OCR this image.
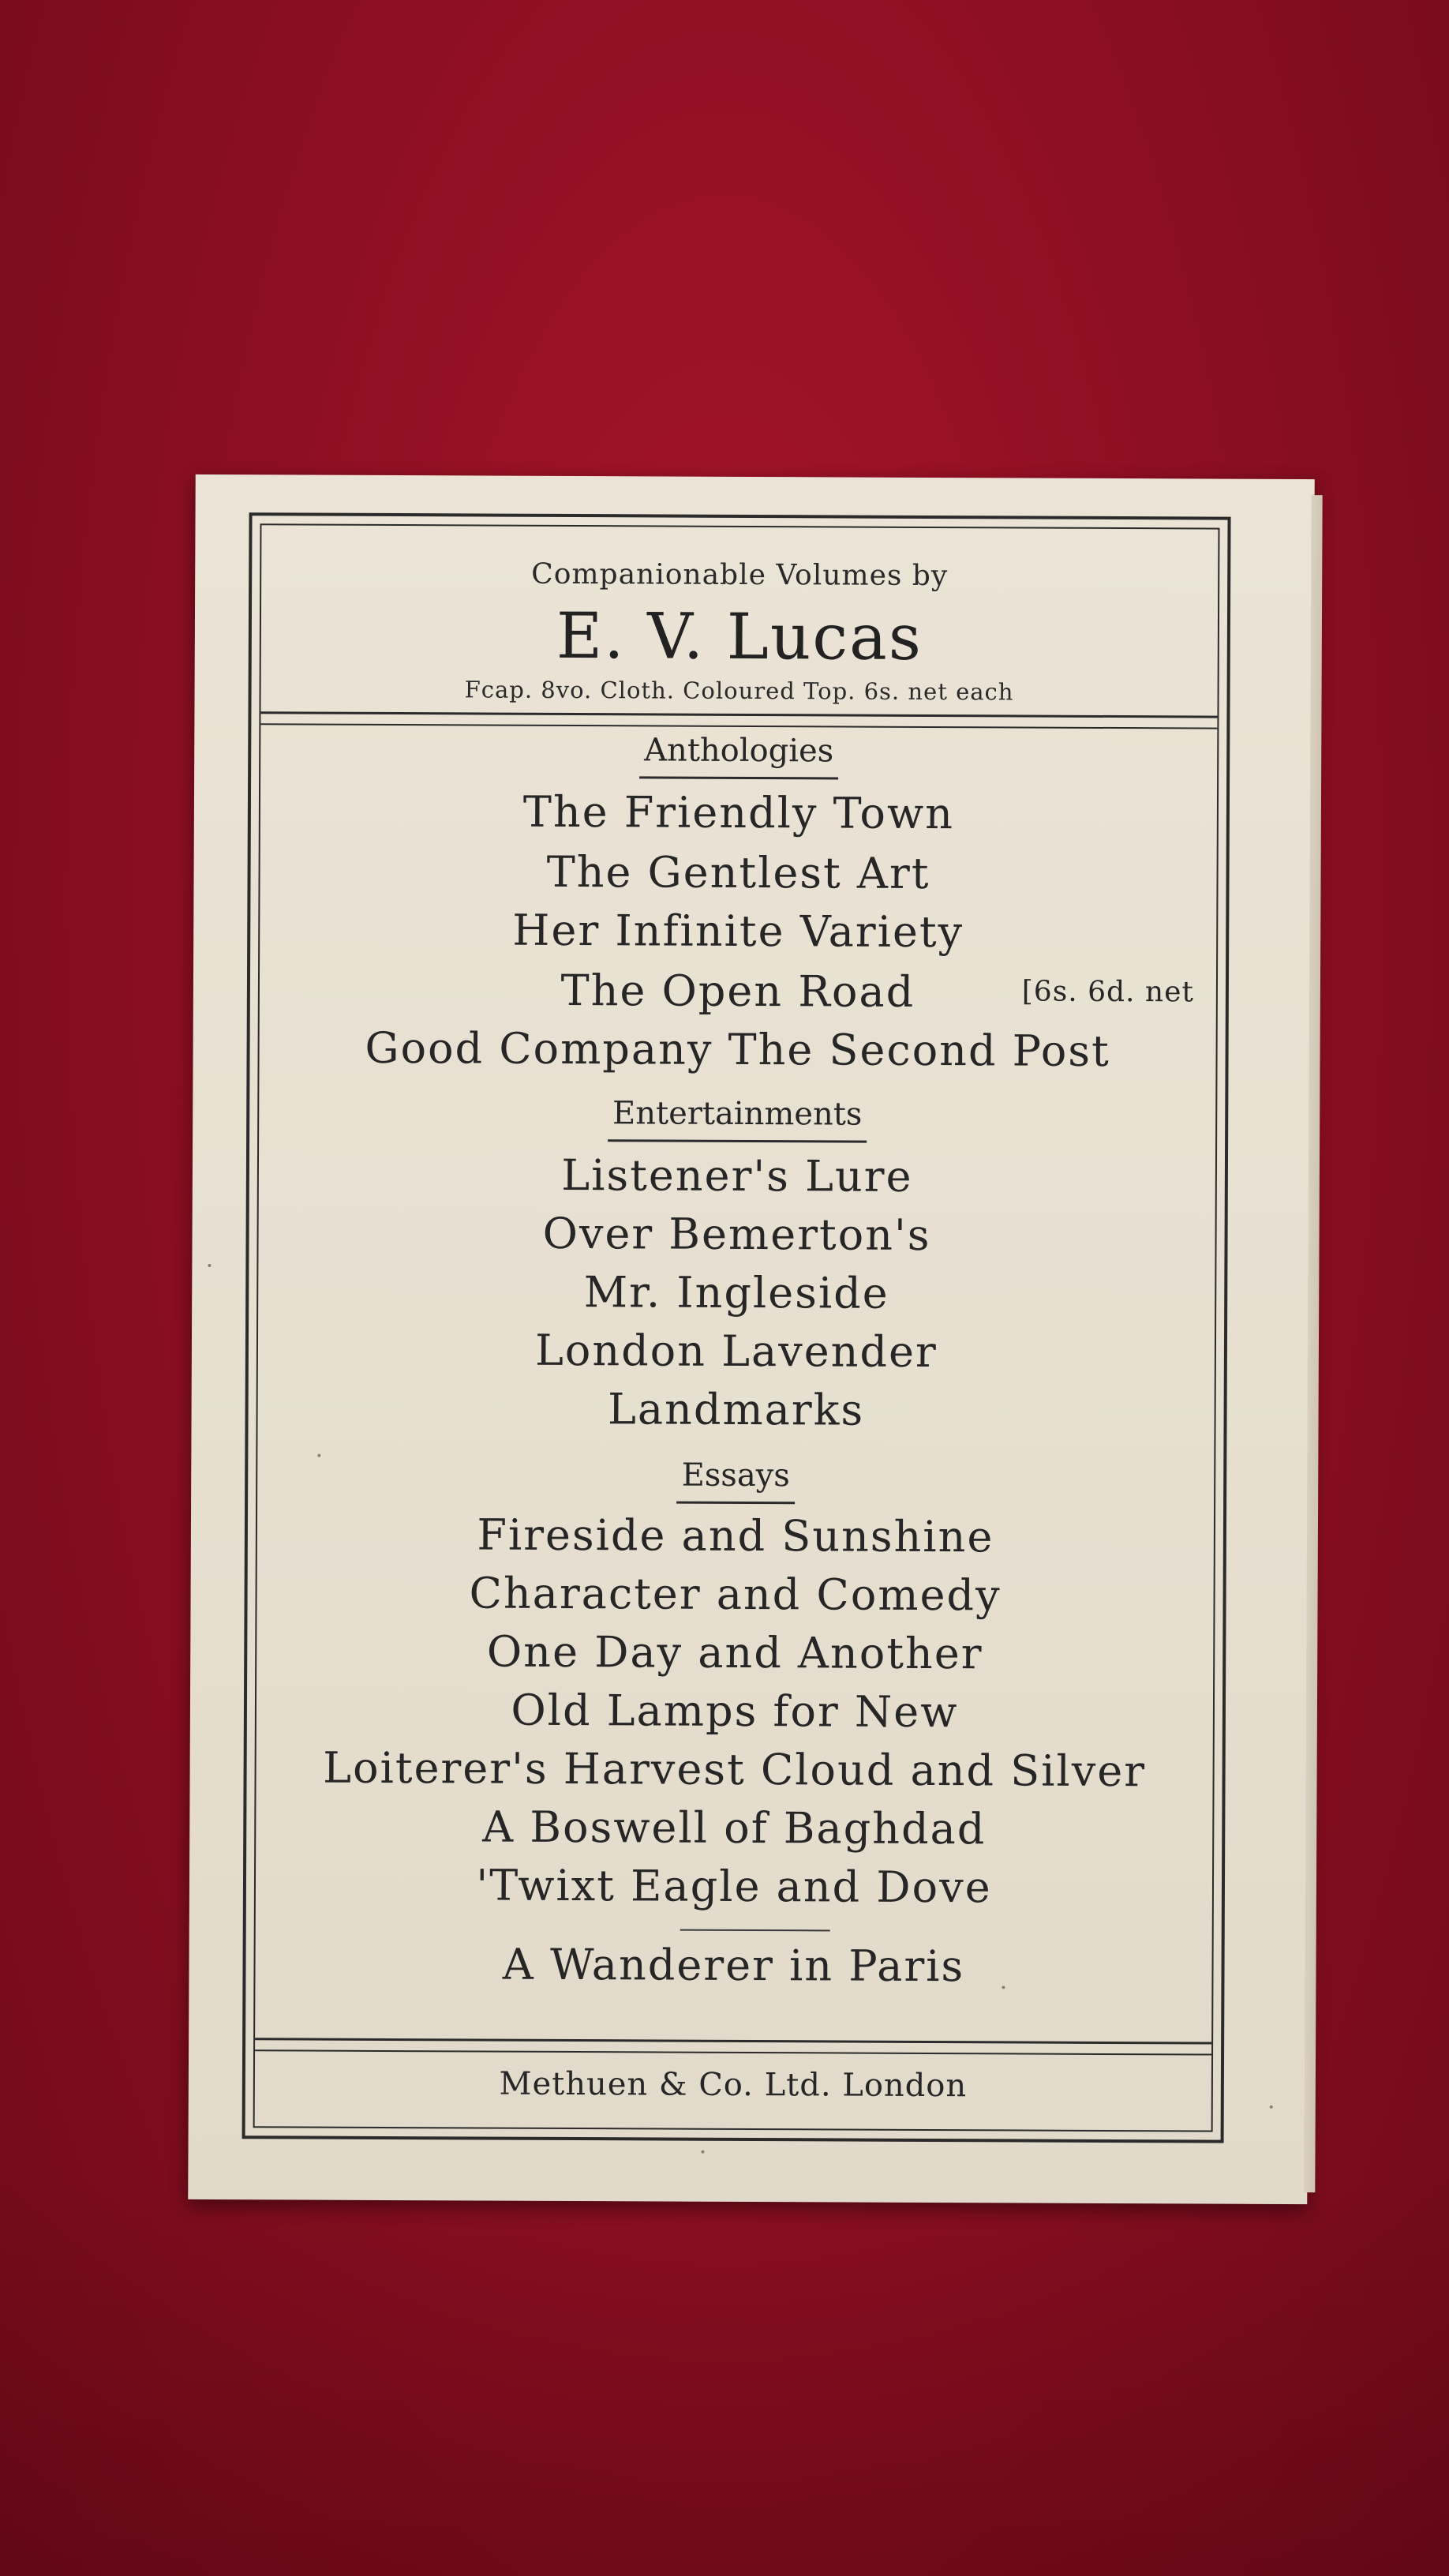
Companionable Volumes by
E. V. Lucas
Fcap. 8vo. Cloth. Coloured Top. 6s. net each
Anthologies
The Friendly Town
The Gentlest Art
Her Infinite Variety
The Open Road	[6s. 6d. net
Good Company The Second Post
Entertainments
Listener's Lure
Over Bemerton's
Mr. Ingleside
London Lavender
Landmarks
Essays
Fireside and Sunshine
Character and Comedy
One Day and Another
Old Lamps for New
Loiterer's Harvest Cloud and Silver
A Boswell of Baghdad
'Twixt Eagle and Dove
A Wanderer in Paris
Methuen & Co. Ltd. London
